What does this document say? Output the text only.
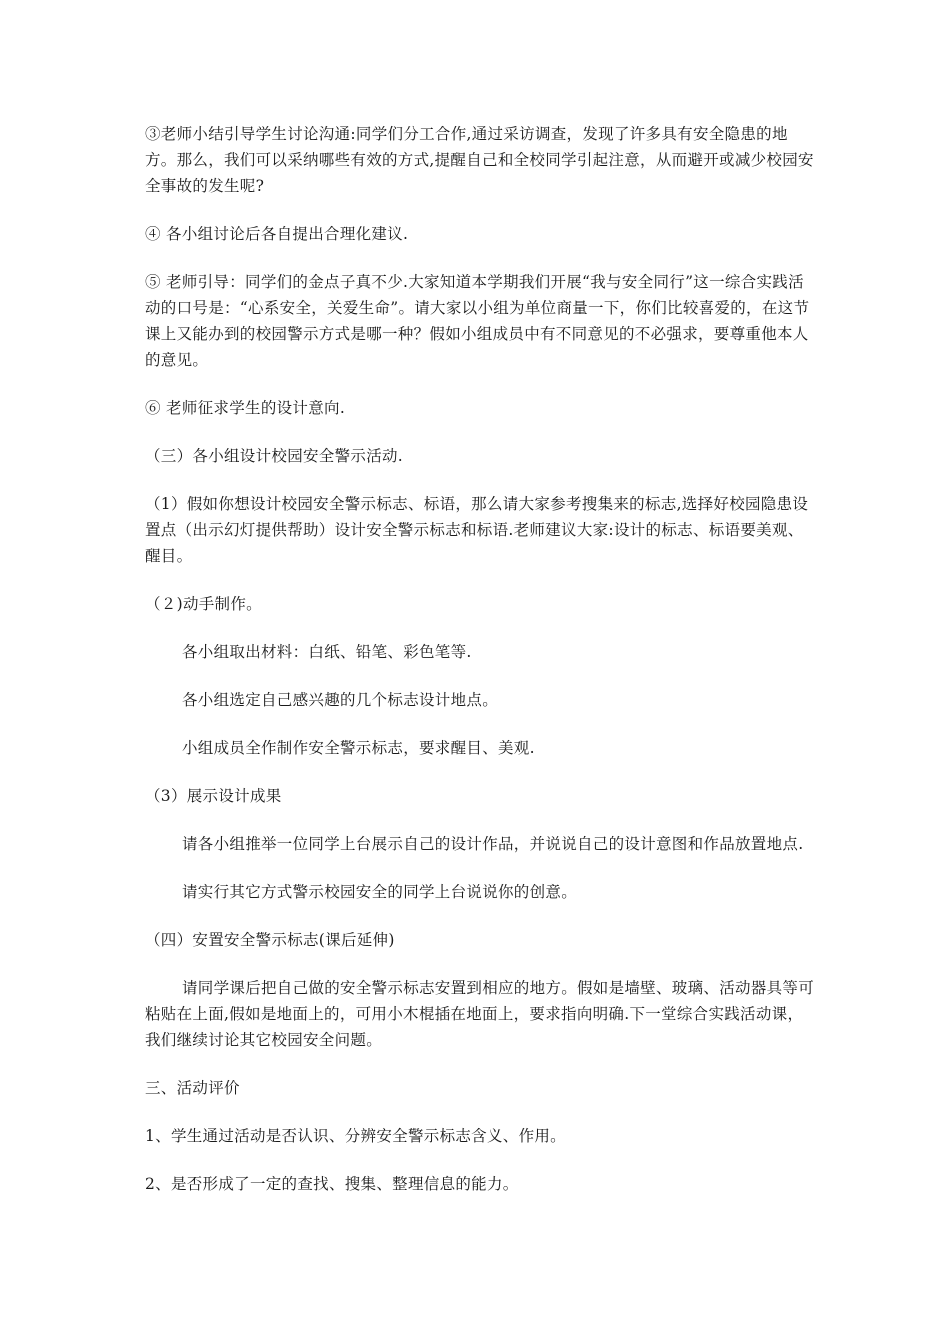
③老师小结引导学生讨论沟通:同学们分工合作,通过采访调查，发现了许多具有安全隐患的地方。那么，我们可以采纳哪些有效的方式,提醒自己和全校同学引起注意，从而避开或减少校园安全事故的发生呢?

④ 各小组讨论后各自提出合理化建议.

⑤ 老师引导：同学们的金点子真不少.大家知道本学期我们开展“我与安全同行”这一综合实践活动的口号是：“心系安全，关爱生命”。请大家以小组为单位商量一下，你们比较喜爱的，在这节课上又能办到的校园警示方式是哪一种？假如小组成员中有不同意见的不必强求，要尊重他本人的意见。

⑥ 老师征求学生的设计意向.

（三）各小组设计校园安全警示活动.

（1）假如你想设计校园安全警示标志、标语，那么请大家参考搜集来的标志,选择好校园隐患设置点（出示幻灯提供帮助）设计安全警示标志和标语.老师建议大家:设计的标志、标语要美观、醒目。

（２)动手制作。

各小组取出材料：白纸、铅笔、彩色笔等.

各小组选定自己感兴趣的几个标志设计地点。

小组成员全作制作安全警示标志，要求醒目、美观.

（3）展示设计成果

请各小组推举一位同学上台展示自己的设计作品，并说说自己的设计意图和作品放置地点.

请实行其它方式警示校园安全的同学上台说说你的创意。

（四）安置安全警示标志(课后延伸)

请同学课后把自己做的安全警示标志安置到相应的地方。假如是墙壁、玻璃、活动器具等可粘贴在上面,假如是地面上的，可用小木棍插在地面上，要求指向明确.下一堂综合实践活动课，我们继续讨论其它校园安全问题。

三、活动评价

1、学生通过活动是否认识、分辨安全警示标志含义、作用。

2、是否形成了一定的查找、搜集、整理信息的能力。
